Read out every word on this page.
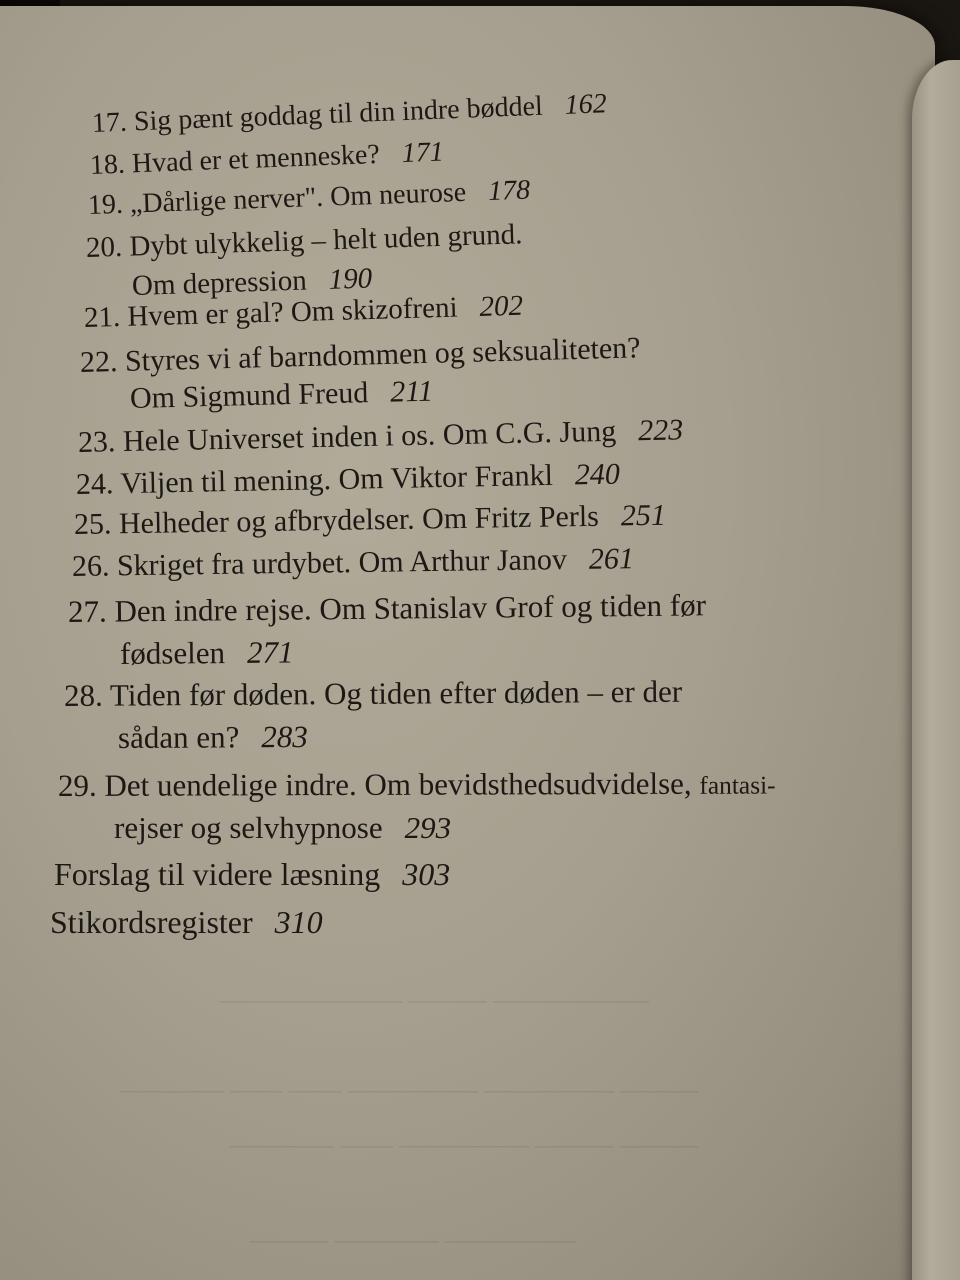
17. Sig pænt goddag til din indre bøddel 162
18. Hvad er et menneske? 171
19. „Dårlige nerver". Om neurose 178
20. Dybt ulykkelig – helt uden grund.
Om depression 190
21. Hvem er gal? Om skizofreni 202
22. Styres vi af barndommen og seksualiteten?
Om Sigmund Freud 211
23. Hele Universet inden i os. Om C.G. Jung 223
24. Viljen til mening. Om Viktor Frankl 240
25. Helheder og afbrydelser. Om Fritz Perls 251
26. Skriget fra urdybet. Om Arthur Janov 261
27. Den indre rejse. Om Stanislav Grof og tiden før
fødselen 271
28. Tiden før døden. Og tiden efter døden – er der
sådan en? 283
29. Det uendelige indre. Om bevidsthedsudvidelse, fantasi-
rejser og selvhypnose 293
Forslag til videre læsning 303
Stikordsregister 310
